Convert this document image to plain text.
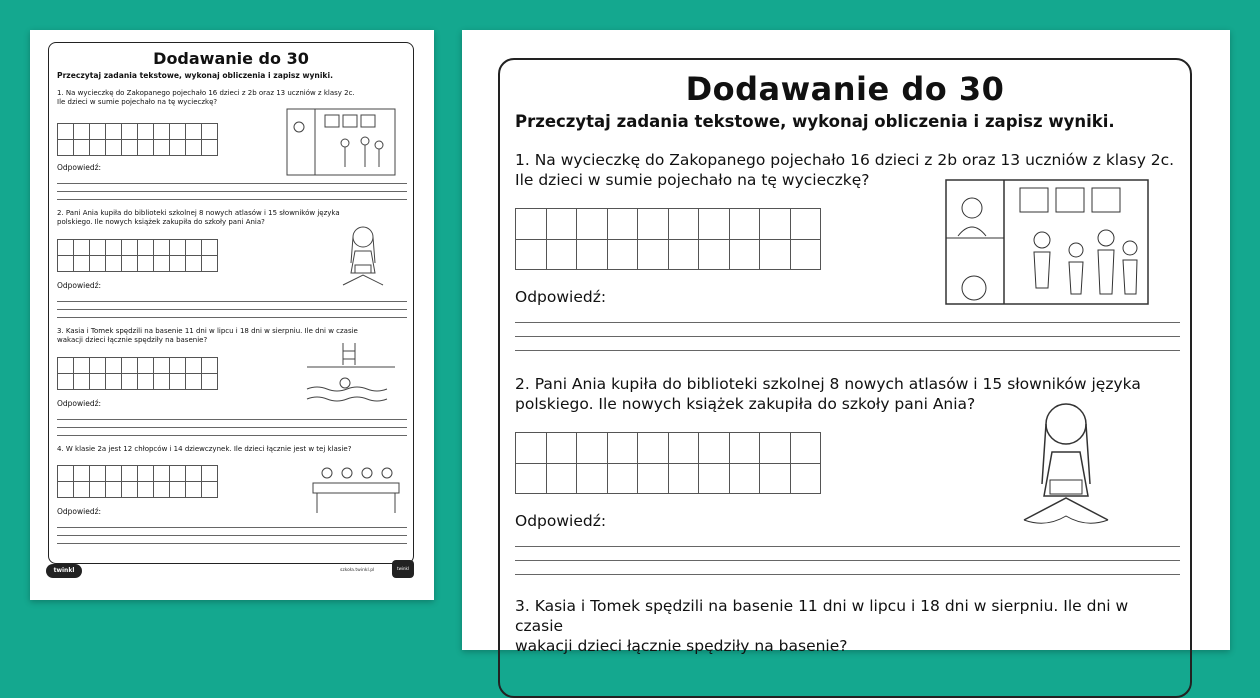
Dodawanie do 30
Przeczytaj zadania tekstowe, wykonaj obliczenia i zapisz wyniki.
1. Na wycieczkę do Zakopanego pojechało 16 dzieci z 2b oraz 13 uczniów z klasy 2c.
Ile dzieci w sumie pojechało na tę wycieczkę?
Odpowiedź:
2. Pani Ania kupiła do biblioteki szkolnej 8 nowych atlasów i 15 słowników języka
polskiego. Ile nowych książek zakupiła do szkoły pani Ania?
Odpowiedź:
3. Kasia i Tomek spędzili na basenie 11 dni w lipcu i 18 dni w sierpniu. Ile dni w czasie
wakacji dzieci łącznie spędziły na basenie?
Odpowiedź:
4. W klasie 2a jest 12 chłopców i 14 dziewczynek. Ile dzieci łącznie jest w tej klasie?
Odpowiedź:
twinkl	szkoła.twinkl.pl	twinkl
Dodawanie do 30
Przeczytaj zadania tekstowe, wykonaj obliczenia i zapisz wyniki.
1. Na wycieczkę do Zakopanego pojechało 16 dzieci z 2b oraz 13 uczniów z klasy 2c.
Ile dzieci w sumie pojechało na tę wycieczkę?
Odpowiedź:
2. Pani Ania kupiła do biblioteki szkolnej 8 nowych atlasów i 15 słowników języka
polskiego. Ile nowych książek zakupiła do szkoły pani Ania?
Odpowiedź:
3. Kasia i Tomek spędzili na basenie 11 dni w lipcu i 18 dni w sierpniu. Ile dni w czasie
wakacji dzieci łącznie spędziły na basenie?
